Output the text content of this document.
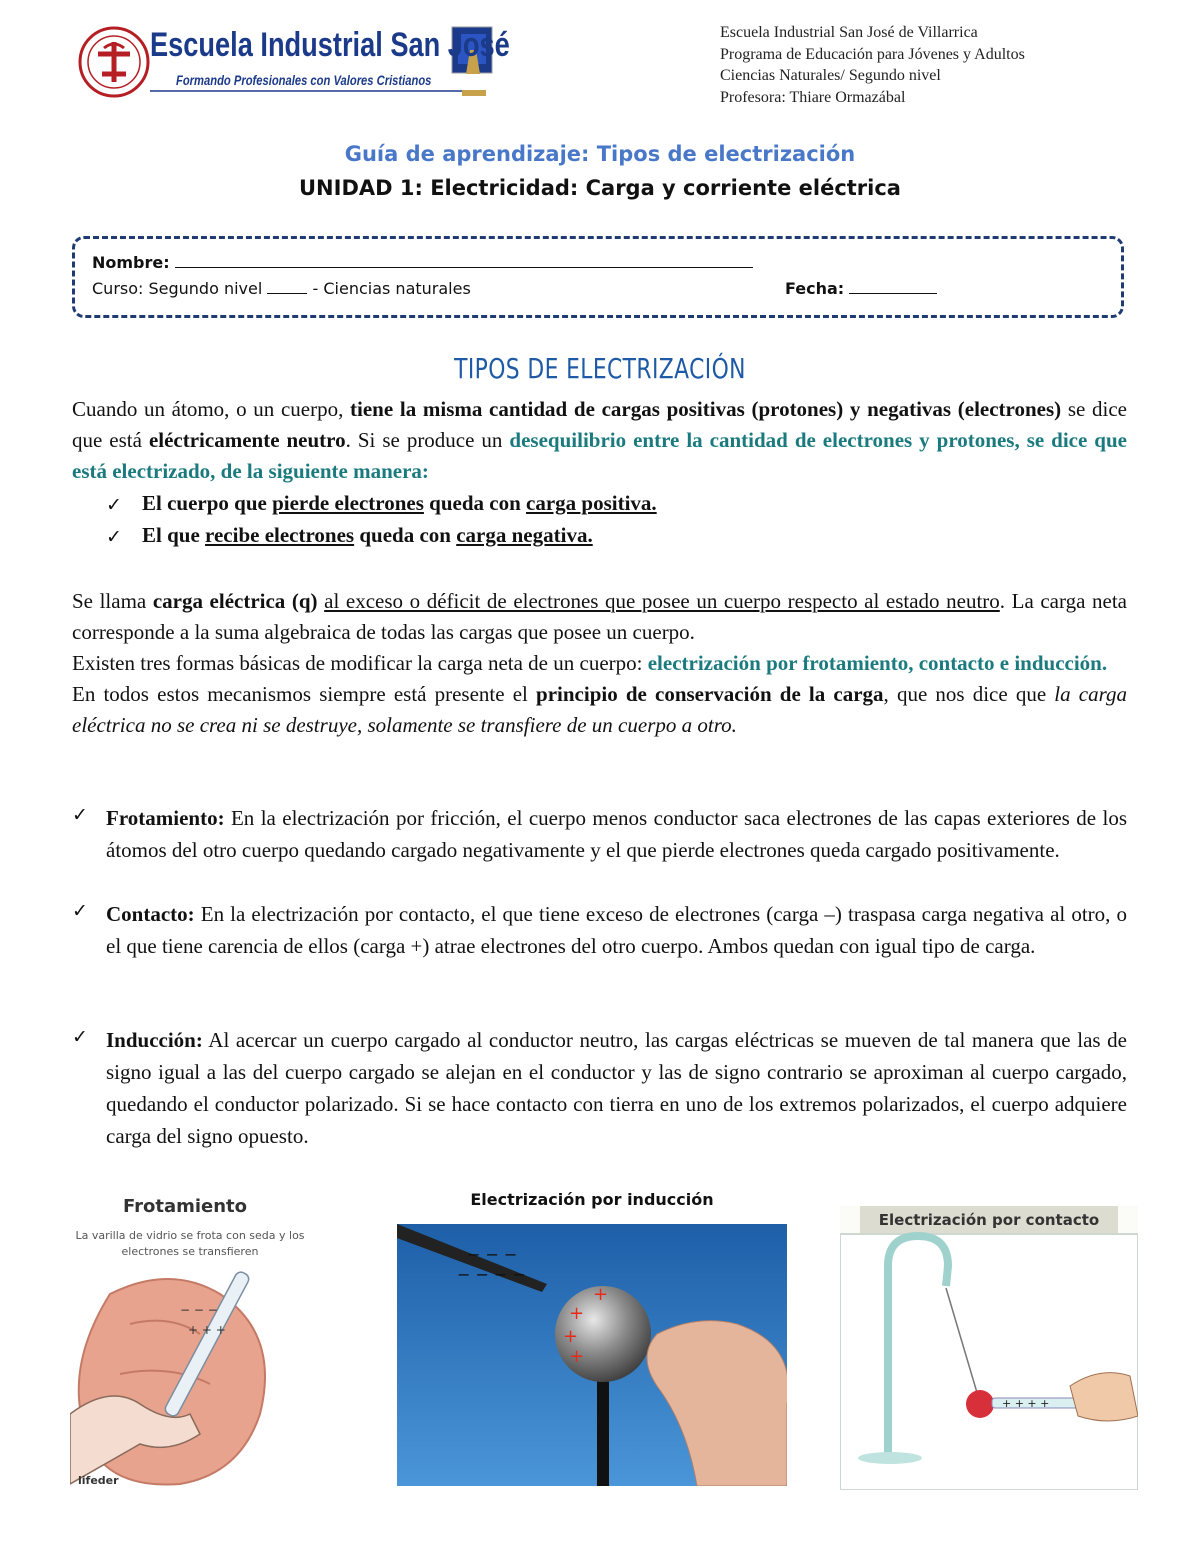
Escuela Industrial San José
Formando Profesionales con Valores Cristianos
Escuela Industrial San José de Villarrica
Programa de Educación para Jóvenes y Adultos
Ciencias Naturales/ Segundo nivel
Profesora: Thiare Ormazábal
Guía de aprendizaje: Tipos de electrización
UNIDAD 1: Electricidad: Carga y corriente eléctrica
Nombre:
Curso: Segundo nivel	- Ciencias naturales	Fecha:
TIPOS DE ELECTRIZACIÓN
Cuando un átomo, o un cuerpo, tiene la misma cantidad de cargas positivas (protones) y negativas (electrones) se dice que está eléctricamente neutro. Si se produce un desequilibrio entre la cantidad de electrones y protones, se dice que está electrizado, de la siguiente manera:
✓ El cuerpo que pierde electrones queda con carga positiva.
✓ El que recibe electrones queda con carga negativa.
Se llama carga eléctrica (q) al exceso o déficit de electrones que posee un cuerpo respecto al estado neutro. La carga neta corresponde a la suma algebraica de todas las cargas que posee un cuerpo.
Existen tres formas básicas de modificar la carga neta de un cuerpo: electrización por frotamiento, contacto e inducción.
En todos estos mecanismos siempre está presente el principio de conservación de la carga, que nos dice que la carga eléctrica no se crea ni se destruye, solamente se transfiere de un cuerpo a otro.
✓ Frotamiento: En la electrización por fricción, el cuerpo menos conductor saca electrones de las capas exteriores de los átomos del otro cuerpo quedando cargado negativamente y el que pierde electrones queda cargado positivamente.
✓ Contacto: En la electrización por contacto, el que tiene exceso de electrones (carga –) traspasa carga negativa al otro, o el que tiene carencia de ellos (carga +) atrae electrones del otro cuerpo. Ambos quedan con igual tipo de carga.
✓ Inducción: Al acercar un cuerpo cargado al conductor neutro, las cargas eléctricas se mueven de tal manera que las de signo igual a las del cuerpo cargado se alejan en el conductor y las de signo contrario se aproximan al cuerpo cargado, quedando el conductor polarizado. Si se hace contacto con tierra en uno de los extremos polarizados, el cuerpo adquiere carga del signo opuesto.
Frotamiento
La varilla de vidrio se frota con seda y los electrones se transfieren
+ + +
− − −
lifeder
Electrización por inducción
− − −
− − − −
+
+
+
+
+ + + +
Electrización por contacto
